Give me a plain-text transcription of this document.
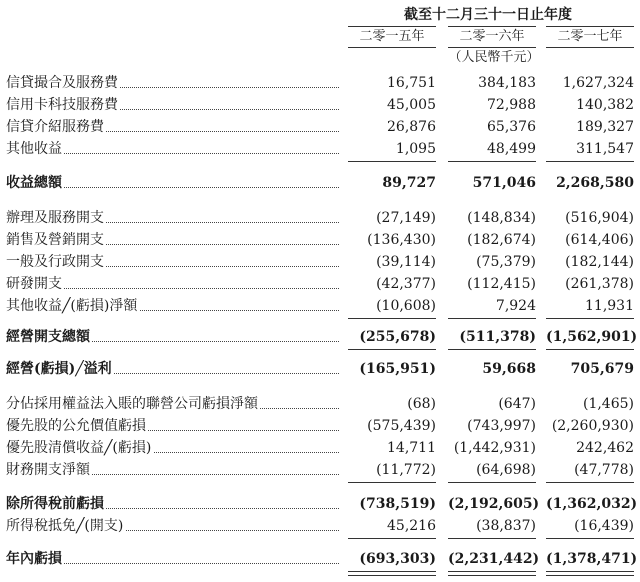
截至十二月三十一日止年度
二零一五年	二零一六年	二零一七年
（人民幣千元）
信貸撮合及服務費	16,751	384,183	1,627,324
信用卡科技服務費	45,005	72,988	140,382
信貸介紹服務費	26,876	65,376	189,327
其他收益	1,095	48,499	311,547
收益總額	89,727	571,046	2,268,580
辦理及服務開支	(27,149)	(148,834)	(516,904)
銷售及營銷開支	(136,430)	(182,674)	(614,406)
一般及行政開支	(39,114)	(75,379)	(182,144)
研發開支	(42,377)	(112,415)	(261,378)
其他收益╱(虧損)淨額	(10,608)	7,924	11,931
經營開支總額	(255,678)	(511,378) (1,562,901)
經營(虧損)╱溢利	(165,951)	59,668	705,679
分佔採用權益法入賬的聯營公司虧損淨額	(68)	(647)	(1,465)
優先股的公允價值虧損	(575,439)	(743,997)	(2,260,930)
優先股清償收益╱(虧損)	14,711	(1,442,931)	242,462
財務開支淨額	(11,772)	(64,698)	(47,778)
除所得稅前虧損	(738,519) (2,192,605) (1,362,032)
所得稅抵免╱(開支)	45,216	(38,837)	(16,439)
年內虧損	(693,303) (2,231,442) (1,378,471)
